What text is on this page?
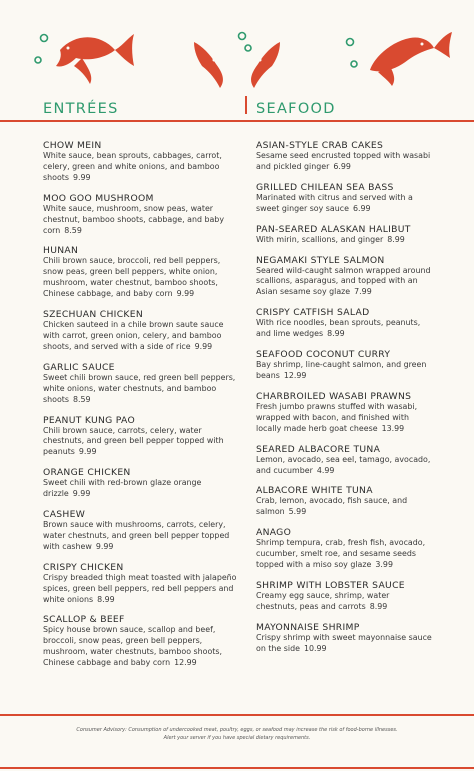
ENTRÉES	SEAFOOD
CHOW MEIN
White sauce, bean sprouts, cabbages, carrot, celery, green and white onions, and bamboo shoots 9.99
MOO GOO MUSHROOM
White sauce, mushroom, snow peas, water chestnut, bamboo shoots, cabbage, and baby corn 8.59
HUNAN
Chili brown sauce, broccoli, red bell peppers, snow peas, green bell peppers, white onion, mushroom, water chestnut, bamboo shoots, Chinese cabbage, and baby corn 9.99
SZECHUAN CHICKEN
Chicken sauteed in a chile brown saute sauce with carrot, green onion, celery, and bamboo shoots, and served with a side of rice 9.99
GARLIC SAUCE
Sweet chili brown sauce, red green bell peppers, white onions, water chestnuts, and bamboo shoots 8.59
PEANUT KUNG PAO
Chili brown sauce, carrots, celery, water chestnuts, and green bell pepper topped with peanuts 9.99
ORANGE CHICKEN
Sweet chili with red-brown glaze orange drizzle 9.99
CASHEW
Brown sauce with mushrooms, carrots, celery, water chestnuts, and green bell pepper topped with cashew 9.99
CRISPY CHICKEN
Crispy breaded thigh meat toasted with jalapeño spices, green bell peppers, red bell peppers and white onions 8.99
SCALLOP & BEEF
Spicy house brown sauce, scallop and beef, broccoli, snow peas, green bell peppers, mushroom, water chestnuts, bamboo shoots, Chinese cabbage and baby corn 12.99
ASIAN-STYLE CRAB CAKES
Sesame seed encrusted topped with wasabi and pickled ginger 6.99
GRILLED CHILEAN SEA BASS
Marinated with citrus and served with a sweet ginger soy sauce 6.99
PAN-SEARED ALASKAN HALIBUT
With mirin, scallions, and ginger 8.99
NEGAMAKI STYLE SALMON
Seared wild-caught salmon wrapped around scallions, asparagus, and topped with an Asian sesame soy glaze 7.99
CRISPY CATFISH SALAD
With rice noodles, bean sprouts, peanuts, and lime wedges 8.99
SEAFOOD COCONUT CURRY
Bay shrimp, line-caught salmon, and green beans 12.99
CHARBROILED WASABI PRAWNS
Fresh jumbo prawns stuffed with wasabi, wrapped with bacon, and finished with locally made herb goat cheese 13.99
SEARED ALBACORE TUNA
Lemon, avocado, sea eel, tamago, avocado, and cucumber 4.99
ALBACORE WHITE TUNA
Crab, lemon, avocado, fish sauce, and salmon 5.99
ANAGO
Shrimp tempura, crab, fresh fish, avocado, cucumber, smelt roe, and sesame seeds topped with a miso soy glaze 3.99
SHRIMP WITH LOBSTER SAUCE
Creamy egg sauce, shrimp, water chestnuts, peas and carrots 8.99
MAYONNAISE SHRIMP
Crispy shrimp with sweet mayonnaise sauce on the side 10.99
Consumer Advisory: Consumption of undercooked meat, poultry, eggs, or seafood may increase the risk of food-borne illnesses.
Alert your server if you have special dietary requirements.
